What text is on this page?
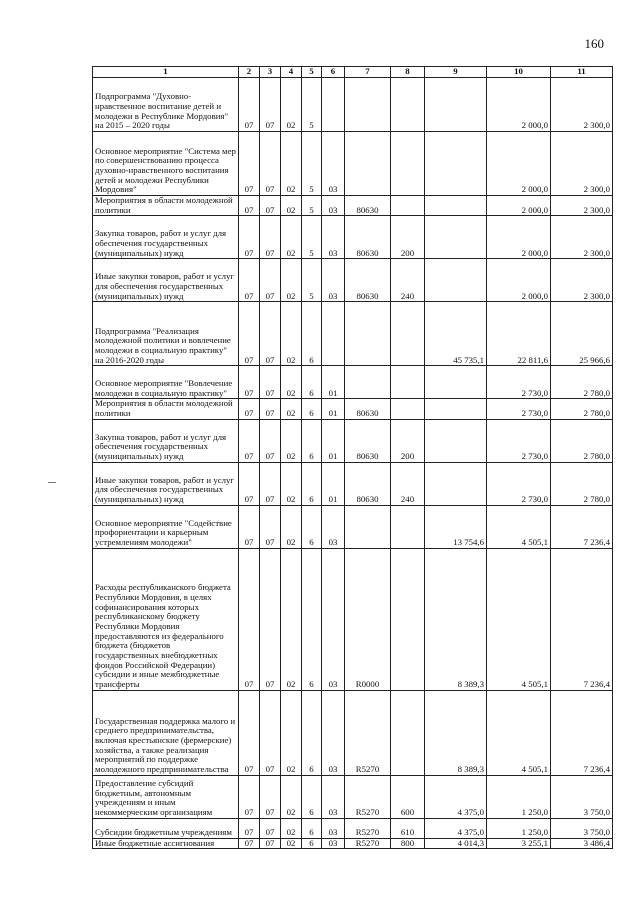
160
1	2	3	4	5	6	7	8	9	10	11
Подпрограмма "Духовно-нравственное воспитание детей и молодежи в Республике Мордовия" на 2015 – 2020 годы	07	07	02	5					2 000,0	2 300,0
Основное мероприятие "Система мер по совершенствованию процесса духовно-нравственного воспитания детей и молодежи Республики Мордовия"	07	07	02	5	03				2 000,0	2 300,0
Мероприятия в области молодежной политики	07	07	02	5	03	80630			2 000,0	2 300,0
Закупка товаров, работ и услуг для обеспечения государственных (муниципальных) нужд	07	07	02	5	03	80630	200		2 000,0	2 300,0
Иные закупки товаров, работ и услуг для обеспечения государственных (муниципальных) нужд	07	07	02	5	03	80630	240		2 000,0	2 300,0
Подпрограмма "Реализация молодежной политики и вовлечение молодежи в социальную практику" на 2016-2020 годы	07	07	02	6				45 735,1	22 811,6	25 966,6
Основное мероприятие "Вовлечение молодежи в социальную практику"	07	07	02	6	01				2 730,0	2 780,0
Мероприятия в области молодежной политики	07	07	02	6	01	80630			2 730,0	2 780,0
Закупка товаров, работ и услуг для обеспечения государственных (муниципальных) нужд	07	07	02	6	01	80630	200		2 730,0	2 780,0
Иные закупки товаров, работ и услуг для обеспечения государственных (муниципальных) нужд	07	07	02	6	01	80630	240		2 730,0	2 780,0
Основное мероприятие "Содействие профориентации и карьерным устремлениям молодежи"	07	07	02	6	03			13 754,6	4 505,1	7 236,4
Расходы республиканского бюджета Республики Мордовия, в целях софинансирования которых республиканскому бюджету Республики Мордовия предоставляются из федерального бюджета (бюджетов государственных внебюджетных фондов Российской Федерации) субсидии и иные межбюджетные трансферты	07	07	02	6	03	R0000		8 389,3	4 505,1	7 236,4
Государственная поддержка малого и среднего предпринимательства, включая крестьянские (фермерские) хозяйства, а также реализация мероприятий по поддержке молодежного предпринимательства	07	07	02	6	03	R5270		8 389,3	4 505,1	7 236,4
Предоставление субсидий бюджетным, автономным учреждениям и иным некоммерческим организациям	07	07	02	6	03	R5270	600	4 375,0	1 250,0	3 750,0
Субсидии бюджетным учреждениям	07	07	02	6	03	R5270	610	4 375,0	1 250,0	3 750,0
Иные бюджетные ассигнования	07	07	02	6	03	R5270	800	4 014,3	3 255,1	3 486,4
